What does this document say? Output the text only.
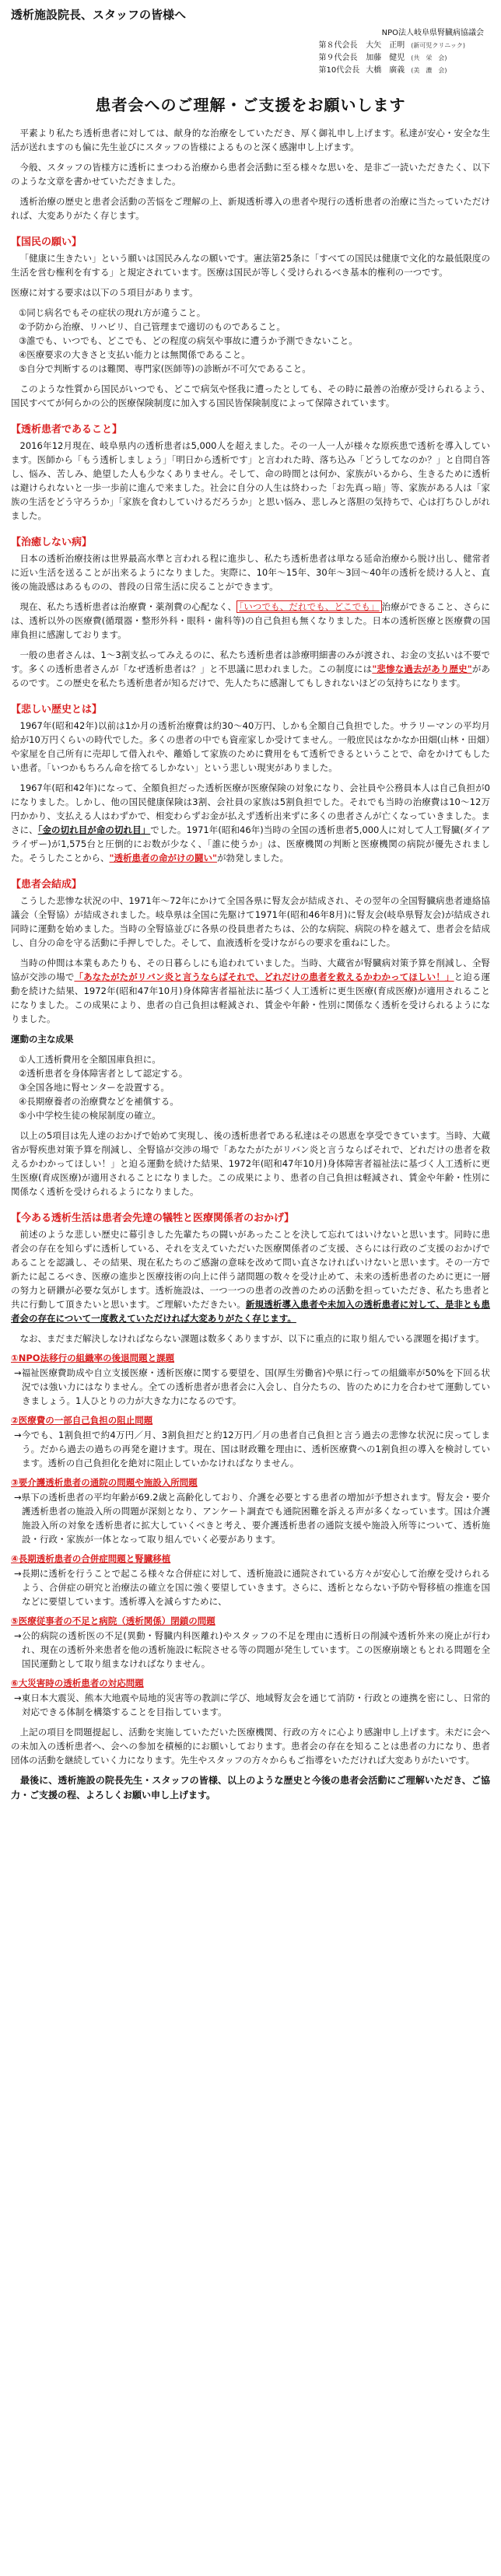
透析施設院長、スタッフの皆様へ
NPO法人岐阜県腎臓病協議会
第８代会長	大矢　正明	(新可児クリニック)
第９代会長	加藤　健児	(共　栄　会)
第10代会長	大橋　廣義	(美　濃　会)
患者会へのご理解・ご支援をお願いします

平素より私たち透析患者に対しては、献身的な治療をしていただき、厚く御礼申し上げます。私達が安心・安全な生活が送れますのも偏に先生並びにスタッフの皆様によるものと深く感謝申し上げます。

今般、スタッフの皆様方に透析にまつわる治療から患者会活動に至る様々な思いを、是非ご一読いただきたく、以下のような文章を書かせていただきました。

透析治療の歴史と患者会活動の苦悩をご理解の上、新規透析導入の患者や現行の透析患者の治療に当たっていただければ、大変ありがたく存じます。

【国民の願い】

「健康に生きたい」という願いは国民みんなの願いです。憲法第25条に「すべての国民は健康で文化的な最低限度の生活を営む権利を有する」と規定されています。医療は国民が等しく受けられるべき基本的権利の一つです。

医療に対する要求は以下の５項目があります。

①同じ病名でもその症状の現れ方が違うこと。
②予防から治療、リハビリ、自己管理まで適切のものであること。
③誰でも、いつでも、どこでも、どの程度の病気や事故に遭うか予測できないこと。
④医療要求の大きさと支払い能力とは無関係であること。
⑤自分で判断するのは難関、専門家(医師等)の診断が不可欠であること。

このような性質から国民がいつでも、どこで病気や怪我に遭ったとしても、その時に最善の治療が受けられるよう、国民すべてが何らかの公的医療保険制度に加入する国民皆保険制度によって保障されています。

【透析患者であること】

2016年12月現在、岐阜県内の透析患者は5,000人を超えました。その一人一人が様々な原疾患で透析を導入しています。医師から「もう透析しましょう」「明日から透析です」と言われた時、落ち込み「どうしてなのか？」と自問自答し、悩み、苦しみ、絶望した人も少なくありません。そして、命の時間とは何か、家族がいるから、生きるために透析は避けられないと一歩一歩前に進んで来ました。社会に自分の人生は終わった「お先真っ暗」等、家族がある人は「家族の生活をどう守ろうか」「家族を食わしていけるだろうか」と思い悩み、悲しみと落胆の気持ちで、心は打ちひしがれました。

【治癒しない病】

日本の透析治療技術は世界最高水準と言われる程に進歩し、私たち透析患者は単なる延命治療から脱け出し、健常者に近い生活を送ることが出来るようになりました。実際に、10年～15年、30年～3回～40年の透析を続ける人と、直後の施設感はあるものの、普段の日常生活に戻ることができます。

現在、私たち透析患者は治療費・薬剤費の心配なく、 「いつでも、だれでも、どこでも」 治療ができること、さらには、透析以外の医療費(循環器・整形外科・眼科・歯科等)の自己負担も無くなりました。日本の透析医療と医療費の国庫負担に感謝しております。

一般の患者さんは、1～3割支払ってみえるのに、私たち透析患者は診療明細書のみが渡され、お金の支払いは不要です。多くの透析患者さんが「なぜ透析患者は？」と不思議に思われました。この制度には"悲惨な過去があり歴史"があるのです。この歴史を私たち透析患者が知るだけで、先人たちに感謝してもしきれないほどの気持ちになります。

【悲しい歴史とは】

1967年(昭和42年)以前は1か月の透析治療費は約30～40万円、しかも全額自己負担でした。サラリーマンの平均月給が10万円くらいの時代でした。多くの患者の中でも資産家しか受けてません。一般庶民はなかなか田畑(山林・田畑）や家屋を自己所有に売却して借入れや、離婚して家族のために費用をもて透析できるということで、命をかけてもしたい患者。「いつかもちろん命を捨てるしかない」という悲しい現実がありました。

1967年(昭和42年)になって、全額負担だった透析医療が医療保険の対象になり、会社員や公務員本人は自己負担が0になりました。しかし、他の国民健康保険は3割、会社員の家族は5割負担でした。それでも当時の治療費は10～12万円かかり、支払える人はわずかで、相変わらずお金が払えず透析出来ずに多くの患者さんが亡くなっていきました。まさに、「金の切れ目が命の切れ目」でした。1971年(昭和46年)当時の全国の透析患者5,000人に対して人工腎臓(ダイアライザー)が1,575台と圧倒的にお数が少なく、「誰に使うか」は、医療機関の判断と医療機関の病院が優先されました。そうしたことから、"透析患者の命がけの闘い"が勃発しました。

【患者会結成】

こうした悲惨な状況の中、1971年～72年にかけて全国各県に腎友会が結成され、その翌年の全国腎臓病患者連絡協議会（全腎協）が結成されました。岐阜県は全国に先駆けて1971年(昭和46年8月)に腎友会(岐阜県腎友会)が結成され同時に運動を始めました。当時の全腎協並びに各県の役員患者たちは、公的な病院、病院の枠を越えて、患者会を結成し、自分の命を守る活動に手押しでした。そして、血液透析を受けながらの要求を重ねにした。

当時の仲間は本業もあたりも、その日暮らしにも追われていました。当時、大蔵省が腎臓病対策予算を削減し、全腎協が交渉の場で「あなたがたがリバン炎と言うならばそれで、どれだけの患者を救えるかわかってほしい！」と迫る運動を続けた結果、1972年(昭和47年10月)身体障害者福祉法に基づく人工透析に更生医療(育成医療)が適用されることになりました。この成果により、患者の自己負担は軽減され、賃金や年齢・性別に関係なく透析を受けられるようになりました。

運動の主な成果

①人工透析費用を全額国庫負担に。
②透析患者を身体障害者として認定する。
③全国各地に腎センターを設置する。
④長期療養者の治療費などを補償する。
⑤小中学校生徒の検尿制度の確立。

以上の5項目は先人達のおかげで始めて実現し、後の透析患者である私達はその恩恵を享受できています。当時、大蔵省が腎疾患対策予算を削減し、全腎協が交渉の場で「あなたがたがリバン炎と言うならばそれで、どれだけの患者を救えるかわかってほしい！」と迫る運動を続けた結果、1972年(昭和47年10月)身体障害者福祉法に基づく人工透析に更生医療(育成医療)が適用されることになりました。この成果により、患者の自己負担は軽減され、賃金や年齢・性別に関係なく透析を受けられるようになりました。

【今ある透析生活は患者会先達の犠牲と医療関係者のおかげ】

前述のような悲しい歴史に幕引きした先輩たちの闘いがあったことを決して忘れてはいけないと思います。同時に患者会の存在を知らずに透析している、それを支えていただいた医療関係者のご支援、さらには行政のご支援のおかげであることを認識し、その結果、現在私たちのご感謝の意味を改めて問い直さなければいけないと思います。その一方で新たに起こるべき、医療の進歩と医療技術の向上に伴う諸問題の数々を受け止めて、未来の透析患者のために更に一層の努力と研鑽が必要な気がします。透析施設は、一つ一つの患者の改善のための活動を担っていただき、私たち患者と共に行動して頂きたいと思います。ご理解いただきたい。新規透析導入患者や未加入の透析患者に対して、是非とも患者会の存在について一度教えていただければ大変ありがたく存じます。

なお、まだまだ解決しなければならない課題は数多くありますが、以下に重点的に取り組んでいる課題を掲げます。

①NPO法移行の組織率の後退問題と課題

→福祉医療費助成や自立支援医療・透析医療に関する要望を、国(厚生労働省)や県に行っての組織率が50%を下回る状況では強い力にはなりません。全ての透析患者が患者会に入会し、自分たちの、皆のために力を合わせて運動していきましょう。1人ひとりの力が大きな力になるのです。

②医療費の一部自己負担の阻止問題

→今でも、1割負担で約4万円／月、3割負担だと約12万円／月の患者自己負担と言う過去の悲惨な状況に戻ってしまう。だから過去の過ちの再発を避けます。現在、国は財政難を理由に、透析医療費への1割負担の導入を検討しています。透析の自己負担化を絶対に阻止していかなければなりません。

③要介護透析患者の通院の問題や施設入所問題

→県下の透析患者の平均年齢が69.2歳と高齢化しており、介護を必要とする患者の増加が予想されます。腎友会・要介護透析患者の施設入所の問題が深刻となり、アンケート調査でも通院困難を訴える声が多くなっています。国は介護施設入所の対象を透析患者に拡大していくべきと考え、要介護透析患者の通院支援や施設入所等について、透析施設・行政・家族が一体となって取り組んでいく必要があります。

④長期透析患者の合併症問題と腎臓移植

→長期に透析を行うことで起こる様々な合併症に対して、透析施設に通院されている方々が安心して治療を受けられるよう、合併症の研究と治療法の確立を国に強く要望していきます。さらに、透析とならない予防や腎移植の推進を国などに要望しています。透析導入を減らすために、

⑤医療従事者の不足と病院（透析関係）閉鎖の問題

→公的病院の透析医の不足(異動・腎臓内科医離れ)やスタッフの不足を理由に透析日の削減や透析外来の廃止が行われ、現在の透析外来患者を他の透析施設に転院させる等の問題が発生しています。この医療崩壊ともとれる問題を全国民運動として取り組まなければなりません。

⑥大災害時の透析患者の対応問題

→東日本大震災、熊本大地震や局地的災害等の教訓に学び、地域腎友会を通じて消防・行政との連携を密にし、日常的対応できる体制を構築することを目指しています。

上記の項目を問題提起し、活動を実施していただいた医療機関、行政の方々に心より感謝申し上げます。未だに会への未加入の透析患者へ、会への参加を積極的にお願いしております。患者会の存在を知ることは患者の力になり、患者団体の活動を継続していく力になります。先生やスタッフの方々からもご指導をいただければ大変ありがたいです。

最後に、透析施設の院長先生・スタッフの皆様、以上のような歴史と今後の患者会活動にご理解いただき、ご協力・ご支援の程、よろしくお願い申し上げます。
